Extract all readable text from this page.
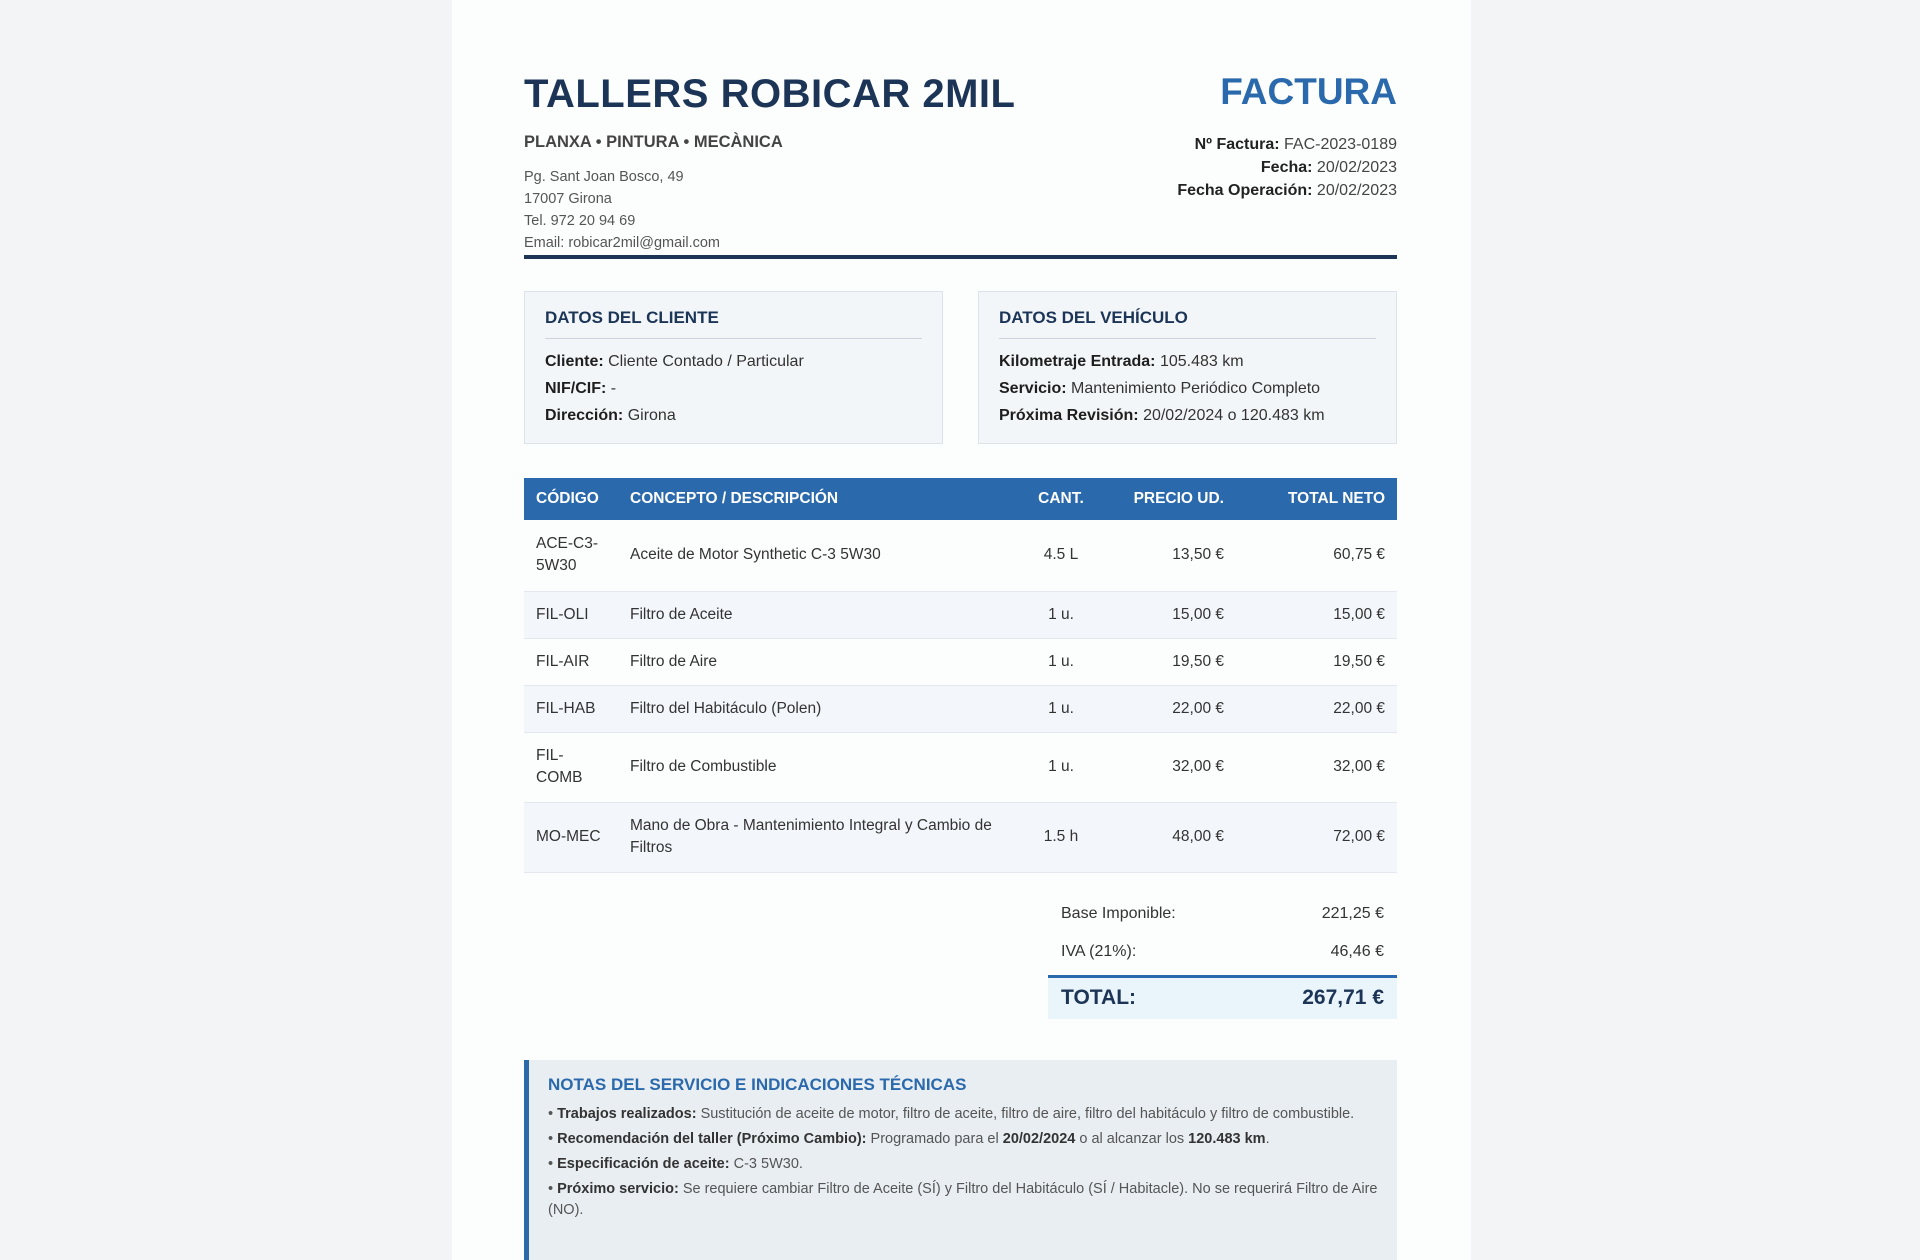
TALLERS ROBICAR 2MIL
PLANXA • PINTURA • MECÀNICA
Pg. Sant Joan Bosco, 49
17007 Girona
Tel. 972 20 94 69
Email: robicar2mil@gmail.com
FACTURA
Nº Factura: FAC-2023-0189
Fecha: 20/02/2023
Fecha Operación: 20/02/2023
DATOS DEL CLIENTE
Cliente: Cliente Contado / Particular
NIF/CIF: -
Dirección: Girona
DATOS DEL VEHÍCULO
Kilometraje Entrada: 105.483 km
Servicio: Mantenimiento Periódico Completo
Próxima Revisión: 20/02/2024 o 120.483 km
CÓDIGO	CONCEPTO / DESCRIPCIÓN	CANT.	PRECIO UD.	TOTAL NETO
ACE-C3-5W30	Aceite de Motor Synthetic C-3 5W30	4.5 L	13,50 €	60,75 €
FIL-OLI	Filtro de Aceite	1 u.	15,00 €	15,00 €
FIL-AIR	Filtro de Aire	1 u.	19,50 €	19,50 €
FIL-HAB	Filtro del Habitáculo (Polen)	1 u.	22,00 €	22,00 €
FIL-COMB	Filtro de Combustible	1 u.	32,00 €	32,00 €
MO-MEC	Mano de Obra - Mantenimiento Integral y Cambio de Filtros	1.5 h	48,00 €	72,00 €
Base Imponible:	221,25 €
IVA (21%):	46,46 €
TOTAL:	267,71 €
NOTAS DEL SERVICIO E INDICACIONES TÉCNICAS

• Trabajos realizados: Sustitución de aceite de motor, filtro de aceite, filtro de aire, filtro del habitáculo y filtro de combustible.

• Recomendación del taller (Próximo Cambio): Programado para el 20/02/2024 o al alcanzar los 120.483 km.

• Especificación de aceite: C-3 5W30.

• Próximo servicio: Se requiere cambiar Filtro de Aceite (SÍ) y Filtro del Habitáculo (SÍ / Habitacle). No se requerirá Filtro de Aire (NO).
